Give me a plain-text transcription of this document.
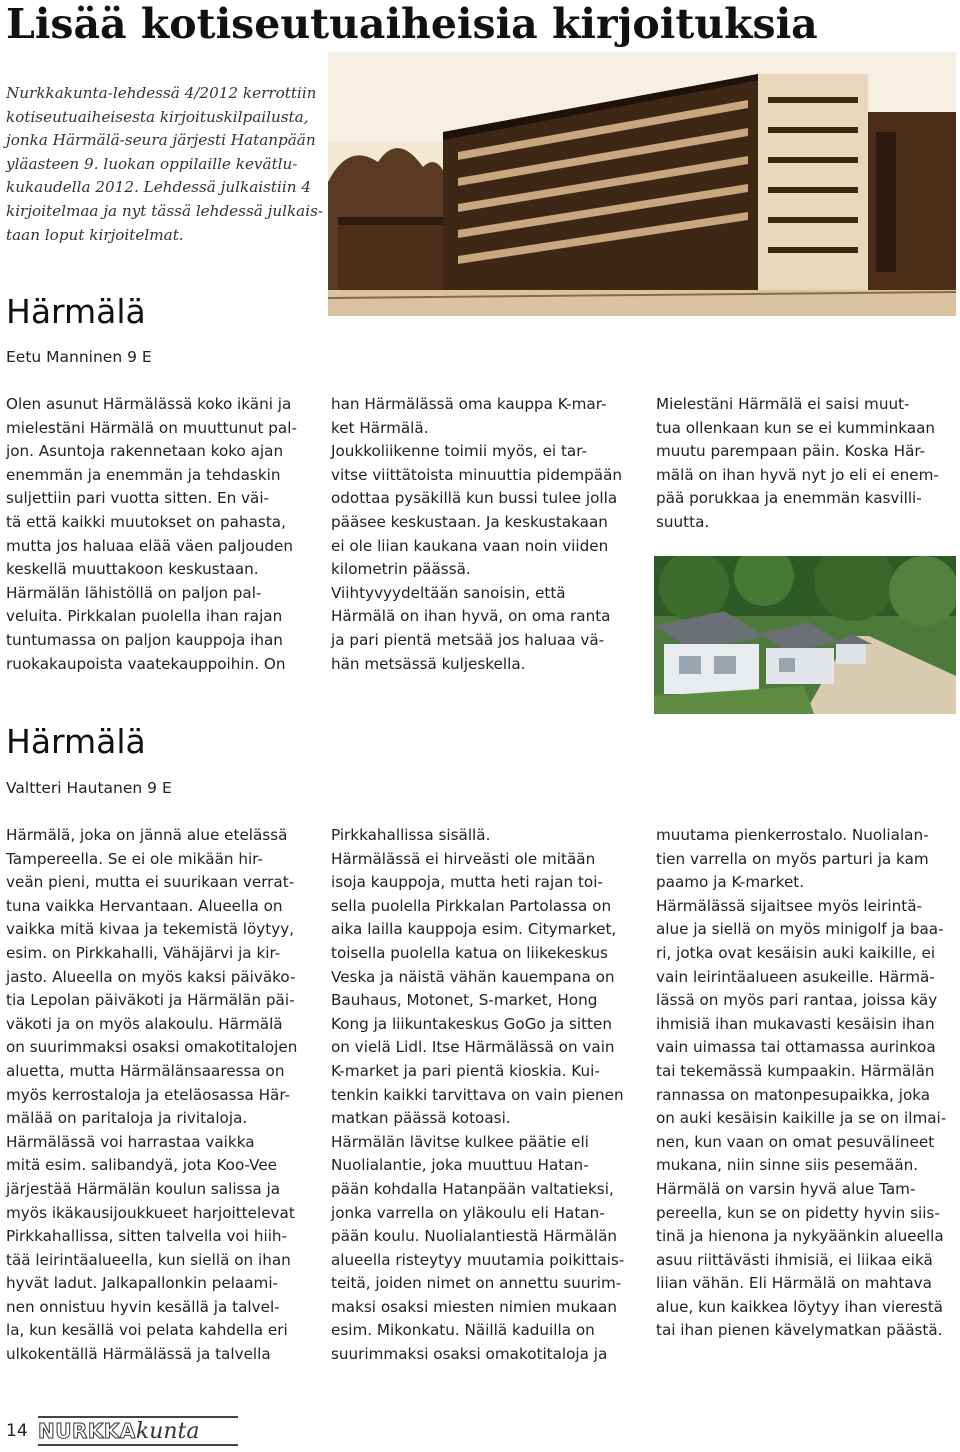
Lisää kotiseutuaiheisia kirjoituksia
Nurkkakunta-lehdessä 4/2012 kerrottiin
kotiseutuaiheisesta kirjoituskilpailusta,
jonka Härmälä-seura järjesti Hatanpään
yläasteen 9. luokan oppilaille kevätlu-
kukaudella 2012. Lehdessä julkaistiin 4
kirjoitelmaa ja nyt tässä lehdessä julkais-
taan loput kirjoitelmat.
Härmälä
Eetu Manninen 9 E
Olen asunut Härmälässä koko ikäni ja
mielestäni Härmälä on muuttunut pal-
jon. Asuntoja rakennetaan koko ajan
enemmän ja enemmän ja tehdaskin
suljettiin pari vuotta sitten. En väi-
tä että kaikki muutokset on pahasta,
mutta jos haluaa elää väen paljouden
keskellä muuttakoon keskustaan.
Härmälän lähistöllä on paljon pal-
veluita. Pirkkalan puolella ihan rajan
tuntumassa on paljon kauppoja ihan
ruokakaupoista vaatekauppoihin. On
han Härmälässä oma kauppa K-mar-
ket Härmälä.
Joukkoliikenne toimii myös, ei tar-
vitse viittätoista minuuttia pidempään
odottaa pysäkillä kun bussi tulee jolla
pääsee keskustaan. Ja keskustakaan
ei ole liian kaukana vaan noin viiden
kilometrin päässä.
Viihtyvyydeltään sanoisin, että
Härmälä on ihan hyvä, on oma ranta
ja pari pientä metsää jos haluaa vä-
hän metsässä kuljeskella.
Mielestäni Härmälä ei saisi muut-
tua ollenkaan kun se ei kumminkaan
muutu parempaan päin. Koska Här-
mälä on ihan hyvä nyt jo eli ei enem-
pää porukkaa ja enemmän kasvilli-
suutta.
Härmälä
Valtteri Hautanen 9 E
Härmälä, joka on jännä alue etelässä
Tampereella. Se ei ole mikään hir-
veän pieni, mutta ei suurikaan verrat-
tuna vaikka Hervantaan. Alueella on
vaikka mitä kivaa ja tekemistä löytyy,
esim. on Pirkkahalli, Vähäjärvi ja kir-
jasto. Alueella on myös kaksi päiväko-
tia Lepolan päiväkoti ja Härmälän päi-
väkoti ja on myös alakoulu. Härmälä
on suurimmaksi osaksi omakotitalojen
aluetta, mutta Härmälänsaaressa on
myös kerrostaloja ja eteläosassa Här-
mälää on paritaloja ja rivitaloja.
Härmälässä voi harrastaa vaikka
mitä esim. salibandyä, jota Koo-Vee
järjestää Härmälän koulun salissa ja
myös ikäkausijoukkueet harjoittelevat
Pirkkahallissa, sitten talvella voi hiih-
tää leirintäalueella, kun siellä on ihan
hyvät ladut. Jalkapallonkin pelaami-
nen onnistuu hyvin kesällä ja talvel-
la, kun kesällä voi pelata kahdella eri
ulkokentällä Härmälässä ja talvella
Pirkkahallissa sisällä.
Härmälässä ei hirveästi ole mitään
isoja kauppoja, mutta heti rajan toi-
sella puolella Pirkkalan Partolassa on
aika lailla kauppoja esim. Citymarket,
toisella puolella katua on liikekeskus
Veska ja näistä vähän kauempana on
Bauhaus, Motonet, S-market, Hong
Kong ja liikuntakeskus GoGo ja sitten
on vielä Lidl. Itse Härmälässä on vain
K-market ja pari pientä kioskia. Kui-
tenkin kaikki tarvittava on vain pienen
matkan päässä kotoasi.
Härmälän lävitse kulkee päätie eli
Nuolialantie, joka muuttuu Hatan-
pään kohdalla Hatanpään valtatieksi,
jonka varrella on yläkoulu eli Hatan-
pään koulu. Nuolialantiestä Härmälän
alueella risteytyy muutamia poikittais-
teitä, joiden nimet on annettu suurim-
maksi osaksi miesten nimien mukaan
esim. Mikonkatu. Näillä kaduilla on
suurimmaksi osaksi omakotitaloja ja
muutama pienkerrostalo. Nuolialan-
tien varrella on myös parturi ja kam
paamo ja K-market.
Härmälässä sijaitsee myös leirintä-
alue ja siellä on myös minigolf ja baa-
ri, jotka ovat kesäisin auki kaikille, ei
vain leirintäalueen asukeille. Härmä-
lässä on myös pari rantaa, joissa käy
ihmisiä ihan mukavasti kesäisin ihan
vain uimassa tai ottamassa aurinkoa
tai tekemässä kumpaakin. Härmälän
rannassa on matonpesupaikka, joka
on auki kesäisin kaikille ja se on ilmai-
nen, kun vaan on omat pesuvälineet
mukana, niin sinne siis pesemään.
Härmälä on varsin hyvä alue Tam-
pereella, kun se on pidetty hyvin siis-
tinä ja hienona ja nykyäänkin alueella
asuu riittävästi ihmisiä, ei liikaa eikä
liian vähän. Eli Härmälä on mahtava
alue, kun kaikkea löytyy ihan vierestä
tai ihan pienen kävelymatkan päästä.
14 NURKKA kunta
